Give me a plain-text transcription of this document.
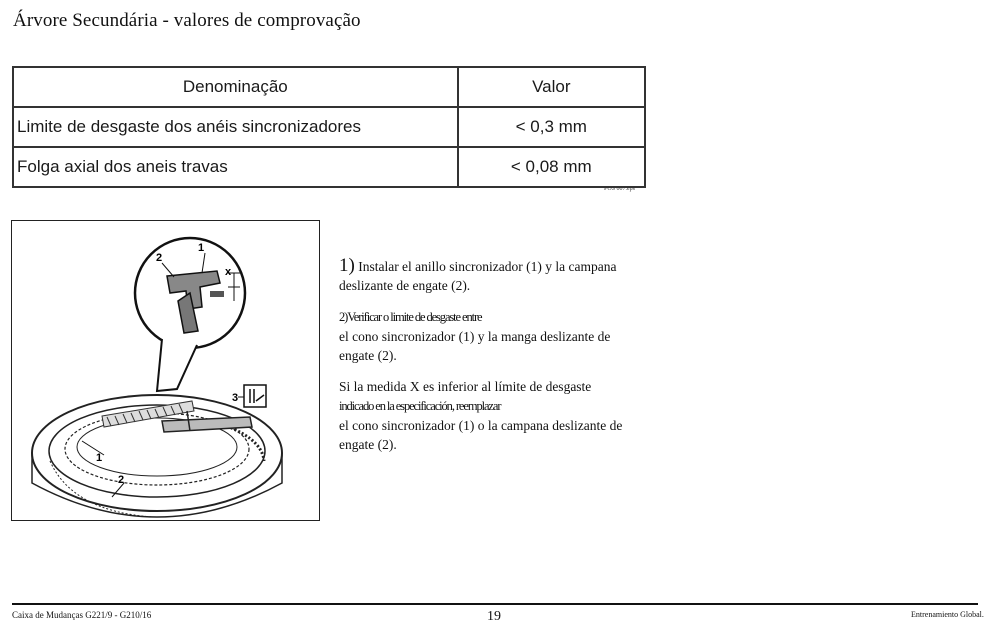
Árvore Secundária - valores de comprovação
Denominação	Valor
Limite de desgaste dos anéis sincronizadores	< 0,3 mm
Folga axial dos aneis travas	< 0,08 mm
POS 007.eps
1
2
x
3
1
2

1) Instalar el anillo sincronizador (1) y la campana deslizante de engate (2).

2)Verificar o limite de desgaste entre
el cono sincronizador (1) y la manga deslizante de engate (2).

Si la medida X es inferior al límite de desgaste
indicado en la especificación, reemplazar
el cono sincronizador (1) o la campana deslizante de engate (2).

Caixa de Mudanças G221/9 - G210/16	19	Entrenamiento Global.
